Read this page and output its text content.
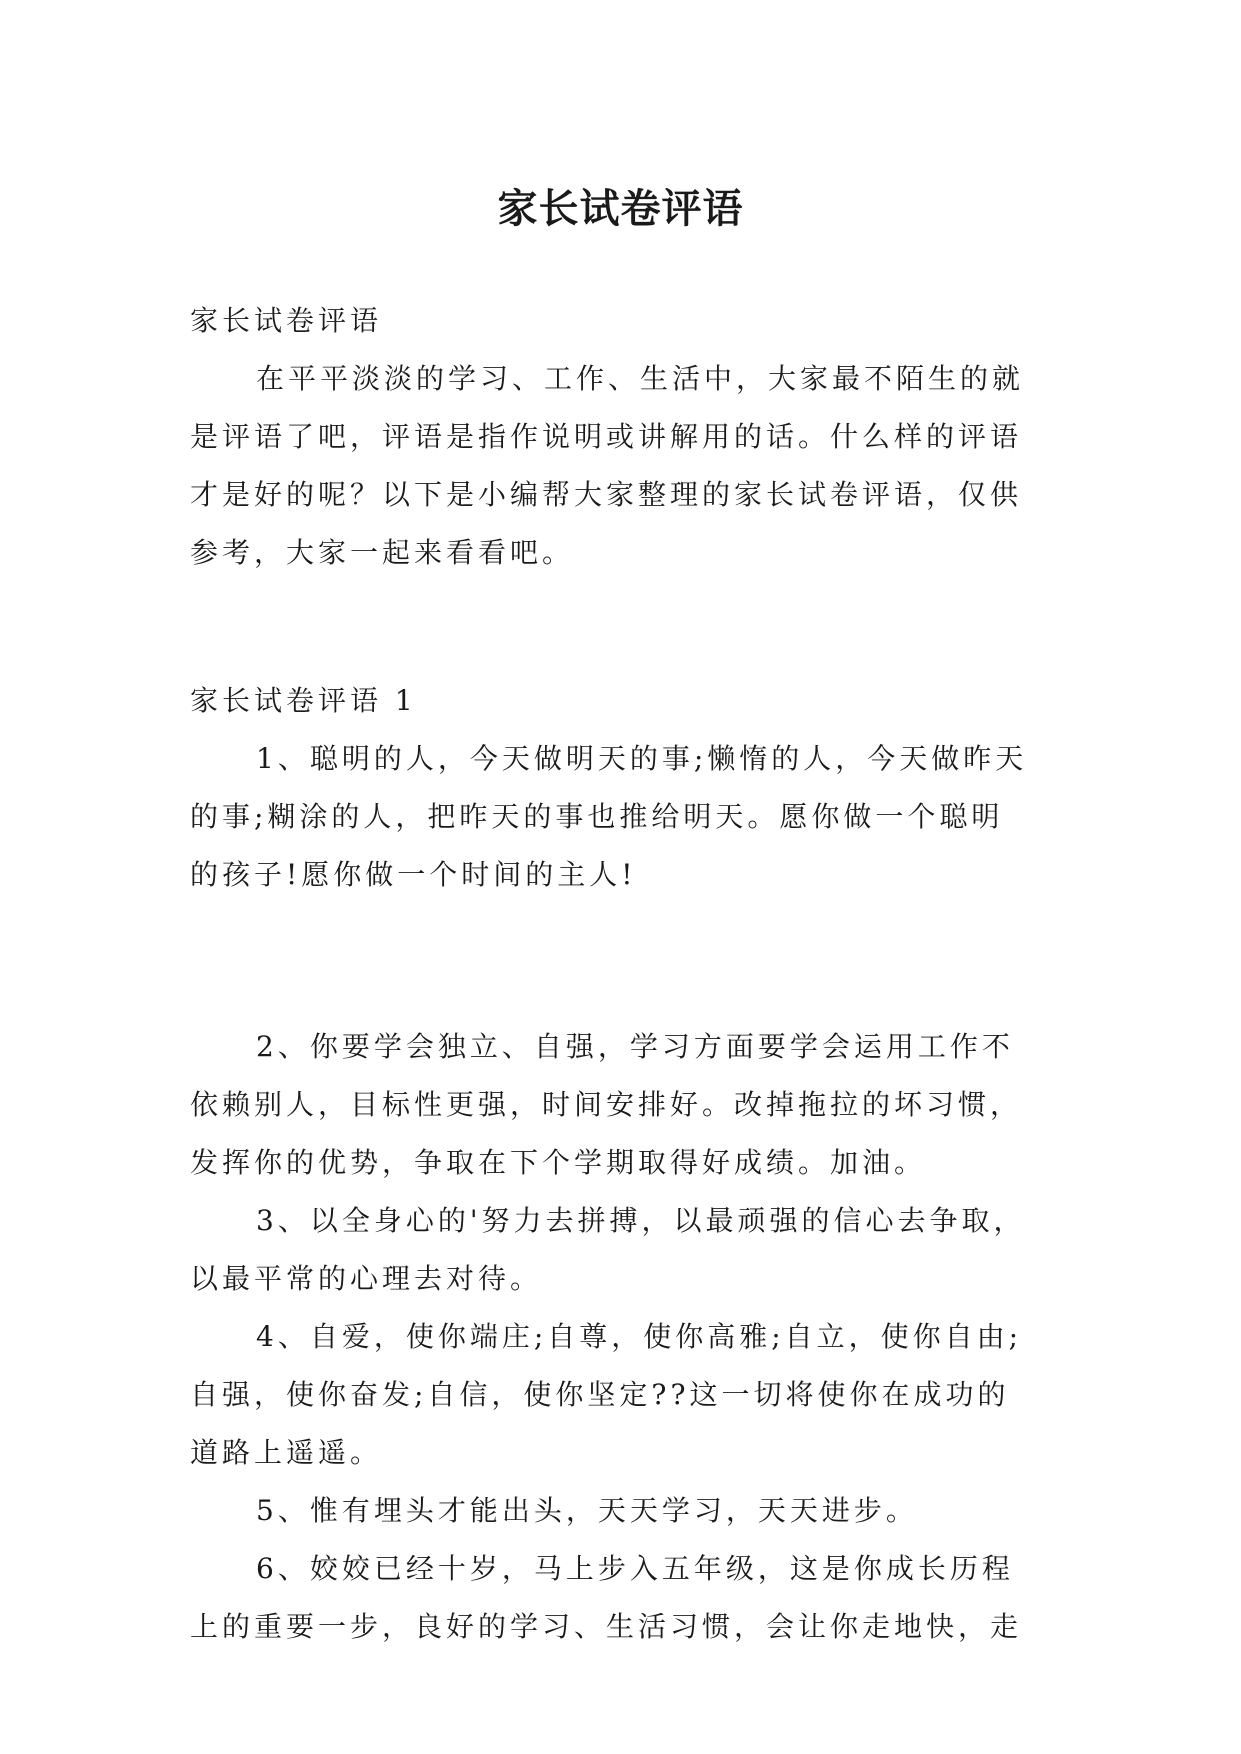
家长试卷评语

家长试卷评语

在平平淡淡的学习、工作、生活中，大家最不陌生的就

是评语了吧，评语是指作说明或讲解用的话。什么样的评语

才是好的呢？以下是小编帮大家整理的家长试卷评语，仅供

参考，大家一起来看看吧。

家长试卷评语 1

1、聪明的人，今天做明天的事;懒惰的人，今天做昨天

的事;糊涂的人，把昨天的事也推给明天。愿你做一个聪明

的孩子!愿你做一个时间的主人!

2、你要学会独立、自强，学习方面要学会运用工作不

依赖别人，目标性更强，时间安排好。改掉拖拉的坏习惯，

发挥你的优势，争取在下个学期取得好成绩。加油。

3、以全身心的'努力去拼搏，以最顽强的信心去争取，

以最平常的心理去对待。

4、自爱，使你端庄;自尊，使你高雅;自立，使你自由;

自强，使你奋发;自信，使你坚定??这一切将使你在成功的

道路上遥遥。

5、惟有埋头才能出头，天天学习，天天进步。

6、姣姣已经十岁，马上步入五年级，这是你成长历程

上的重要一步，良好的学习、生活习惯，会让你走地快，走
